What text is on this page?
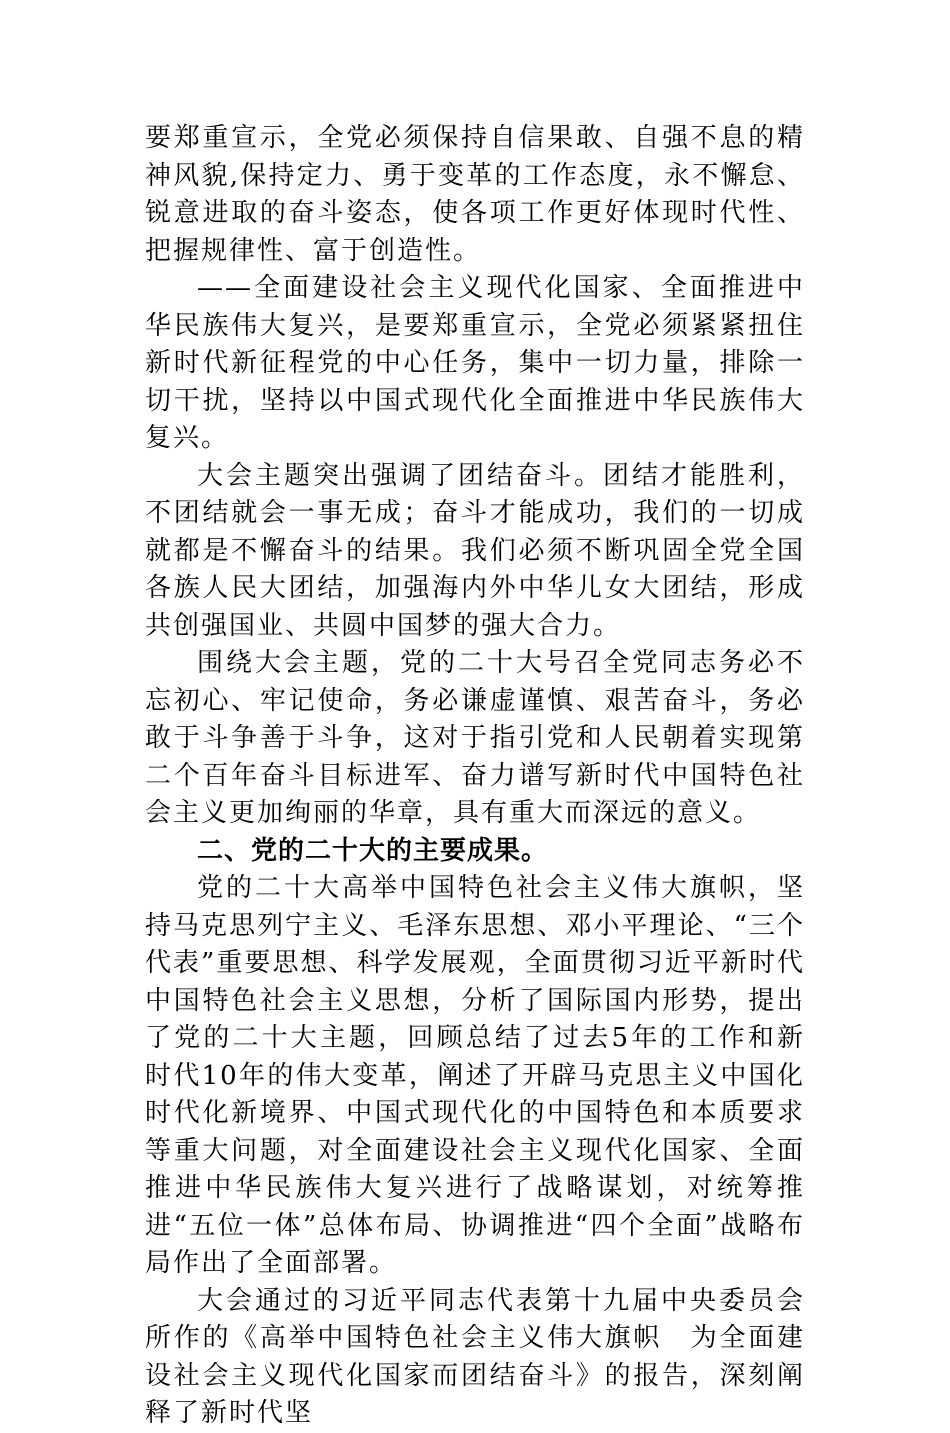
要郑重宣示，全党必须保持自信果敢、自强不息的精神风貌,保持定力、勇于变革的工作态度，永不懈怠、锐意进取的奋斗姿态，使各项工作更好体现时代性、把握规律性、富于创造性。

——全面建设社会主义现代化国家、全面推进中华民族伟大复兴，是要郑重宣示，全党必须紧紧扭住新时代新征程党的中心任务，集中一切力量，排除一切干扰，坚持以中国式现代化全面推进中华民族伟大复兴。

大会主题突出强调了团结奋斗。团结才能胜利，不团结就会一事无成；奋斗才能成功，我们的一切成就都是不懈奋斗的结果。我们必须不断巩固全党全国各族人民大团结，加强海内外中华儿女大团结，形成共创强国业、共圆中国梦的强大合力。

围绕大会主题，党的二十大号召全党同志务必不忘初心、牢记使命，务必谦虚谨慎、艰苦奋斗，务必敢于斗争善于斗争，这对于指引党和人民朝着实现第二个百年奋斗目标进军、奋力谱写新时代中国特色社会主义更加绚丽的华章，具有重大而深远的意义。

二、党的二十大的主要成果。

党的二十大高举中国特色社会主义伟大旗帜，坚持马克思列宁主义、毛泽东思想、邓小平理论、“三个代表”重要思想、科学发展观，全面贯彻习近平新时代中国特色社会主义思想，分析了国际国内形势，提出了党的二十大主题，回顾总结了过去5年的工作和新时代10年的伟大变革，阐述了开辟马克思主义中国化时代化新境界、中国式现代化的中国特色和本质要求等重大问题，对全面建设社会主义现代化国家、全面推进中华民族伟大复兴进行了战略谋划，对统筹推进“五位一体”总体布局、协调推进“四个全面”战略布局作出了全面部署。

大会通过的习近平同志代表第十九届中央委员会所作的《高举中国特色社会主义伟大旗帜　为全面建设社会主义现代化国家而团结奋斗》的报告，深刻阐释了新时代坚
